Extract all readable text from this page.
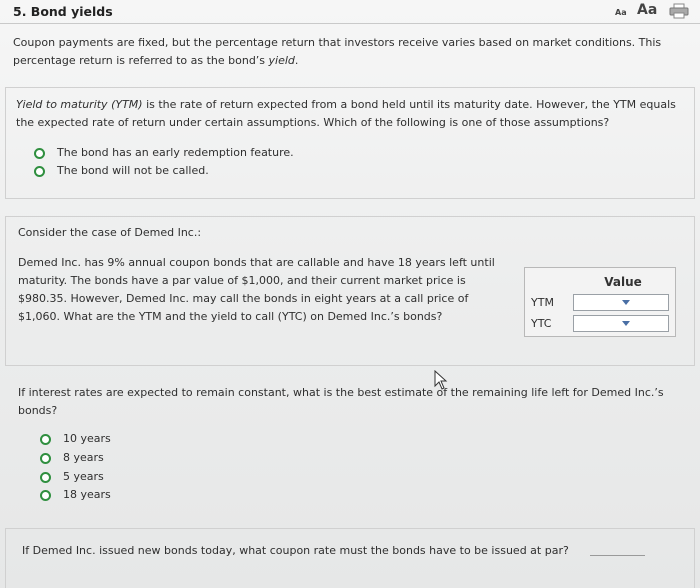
5. Bond yields	Aa Aa
Coupon payments are fixed, but the percentage return that investors receive varies based on market conditions. This percentage return is referred to as the bond’s yield.
Yield to maturity (YTM) is the rate of return expected from a bond held until its maturity date. However, the YTM equals the expected rate of return under certain assumptions. Which of the following is one of those assumptions?
The bond has an early redemption feature.
The bond will not be called.
Consider the case of Demed Inc.:
Demed Inc. has 9% annual coupon bonds that are callable and have 18 years left until maturity. The bonds have a par value of $1,000, and their current market price is $980.35. However, Demed Inc. may call the bonds in eight years at a call price of $1,060. What are the YTM and the yield to call (YTC) on Demed Inc.’s bonds?
Value
YTM
YTC
If interest rates are expected to remain constant, what is the best estimate of the remaining life left for Demed Inc.’s bonds?
10 years
8 years
5 years
18 years
If Demed Inc. issued new bonds today, what coupon rate must the bonds have to be issued at par?
